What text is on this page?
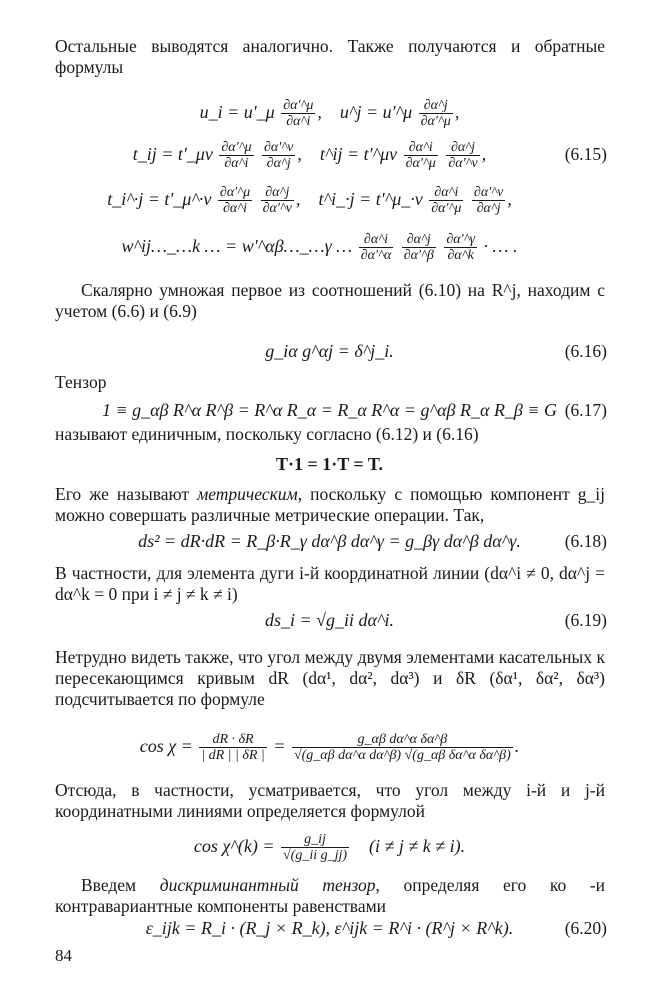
Остальные выводятся аналогично. Также получаются и обратные формулы

u_i = u'_μ $\frac{\partial\alpha'\^{}\mu}{\partial\alpha\^{}i}$ , u^j = u'^μ $\frac{\partial\alpha\^{}j}{\partial\alpha'\^{}\mu}$ ,
t_ij = t'_μν $\frac{\partial\alpha'\^{}\mu}{\partial\alpha\^{}i}$
$\frac{\partial\alpha'\^{}\nu}{\partial\alpha\^{}j}$ ,    t^ij = t'^μν $\frac{\partial\alpha\^{}i}{\partial\alpha'\^{}\mu}$
$\frac{\partial\alpha\^{}j}{\partial\alpha'\^{}\nu}$ ,	(6.15)
t_i^·j = t'_μ^·ν $\frac{\partial\alpha'\^{}\mu}{\partial\alpha\^{}i}$
$\frac{\partial\alpha\^{}j}{\partial\alpha'\^{}\nu}$ ,    t^i_·j = t'^μ_·ν $\frac{\partial\alpha\^{}i}{\partial\alpha'\^{}\mu}$
$\frac{\partial\alpha'\^{}\nu}{\partial\alpha\^{}j}$ ,
w^ij…_…k … = w'^αβ…_…γ … $\frac{\partial\alpha\^{}i}{\partial\alpha'\^{}\alpha}$
$\frac{\partial\alpha\^{}j}{\partial\alpha'\^{}\beta}$
$\frac{\partial\alpha'\^{}\gamma}{\partial\alpha\^{}k}$ · … .

Скалярно умножая первое из соотношений (6.10) на R^j, находим с учетом (6.6) и (6.9)

g_iα g^αj = δ^j_i.	(6.16)

Тензор

1 ≡ g_αβ R^α R^β = R^α R_α = R_α R^α = g^αβ R_α R_β ≡ G (6.17)

называют единичным, поскольку согласно (6.12) и (6.16)

T·1 = 1·T = T.

Его же называют метрическим, поскольку с помощью компонент g_ij можно совершать различные метрические операции. Так,

ds² = dR·dR = R_β·R_γ dα^β dα^γ = g_βγ dα^β dα^γ.	(6.18)

В частности, для элемента дуги i-й координатной линии (dα^i ≠ 0, dα^j = dα^k = 0 при i ≠ j ≠ k ≠ i)

ds_i = √g_ii dα^i.	(6.19)

Нетрудно видеть также, что угол между двумя элементами касательных к пересекающимся кривым dR (dα¹, dα², dα³) и δR (δα¹, δα², δα³) подсчитывается по формуле

$\cos \chi = \frac{dR \cdot \delta R}{| dR | | \delta R |} = \frac{\text{g\_αβ dα\textasciicircum{}α δα\textasciicircum{}β}}{\text{√(g\_αβ dα\textasciicircum{}α dα\textasciicircum{}β) √(g\_αβ δα\textasciicircum{}α δα\textasciicircum{}β)}}$ .

Отсюда, в частности, усматривается, что угол между i-й и j-й координатными линиями определяется формулой

cos χ^(k) = $\frac{g\_ij}{\text{√(g\_ii g\_jj)}} (i \ne j \ne k \ne i)$.

Введем дискриминантный тензор, определяя его ко -и контравариантные компоненты равенствами

ε_ijk = R_i · (R_j × R_k), ε^ijk = R^i · (R^j × R^k).	(6.20)
84
